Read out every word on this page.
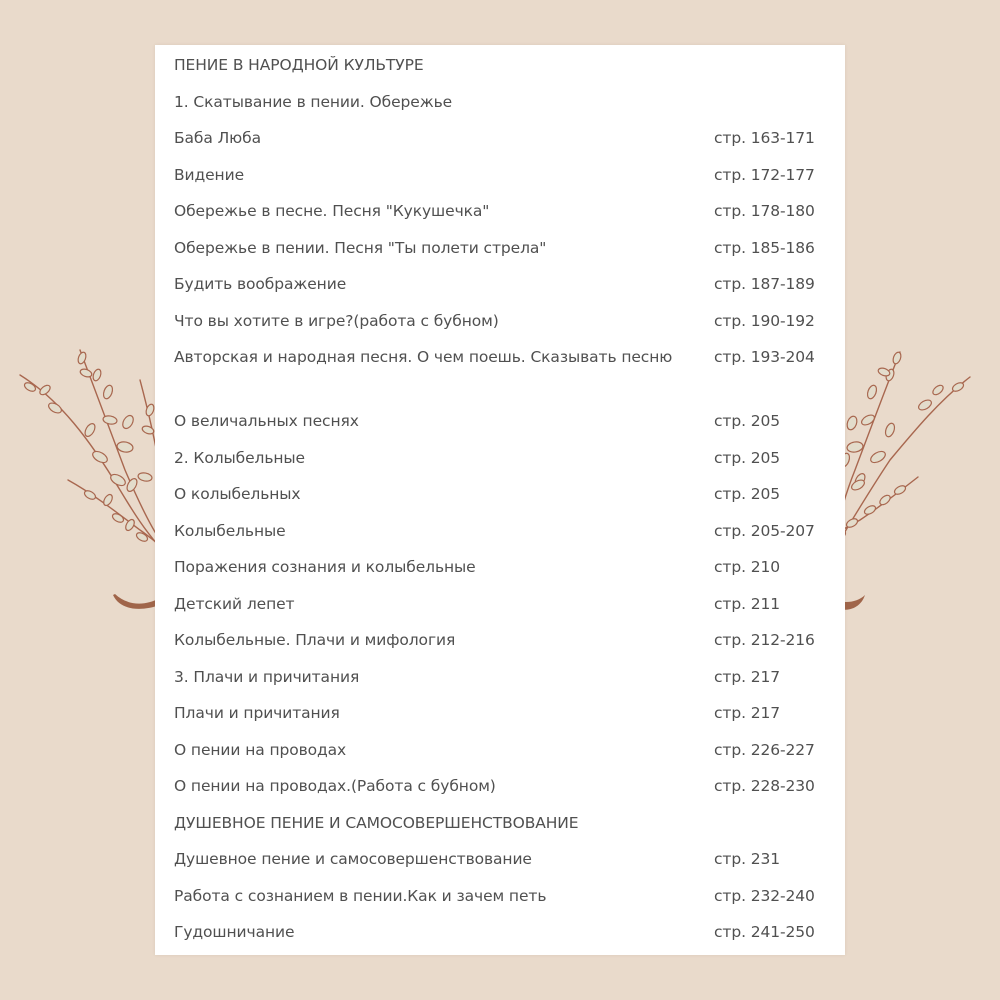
ПЕНИЕ В НАРОДНОЙ КУЛЬТУРЕ
1. Скатывание в пении. Обережье
Баба Люба	стр. 163-171
Видение	стр. 172-177
Обережье в песне. Песня "Кукушечка"	стр. 178-180
Обережье в пении. Песня "Ты полети стрела"	стр. 185-186
Будить воображение	стр. 187-189
Что вы хотите в игре?(работа с бубном)	стр. 190-192
Авторская и народная песня. О чем поешь. Сказывать песню	стр. 193-204
О величальных песнях	стр. 205
2. Колыбельные	стр. 205
О колыбельных	стр. 205
Колыбельные	стр. 205-207
Поражения сознания и колыбельные	стр. 210
Детский лепет	стр. 211
Колыбельные. Плачи и мифология	стр. 212-216
3. Плачи и причитания	стр. 217
Плачи и причитания	стр. 217
О пении на проводах	стр. 226-227
О пении на проводах.(Работа с бубном)	стр. 228-230
ДУШЕВНОЕ ПЕНИЕ И САМОСОВЕРШЕНСТВОВАНИЕ
Душевное пение и самосовершенствование	стр. 231
Работа с сознанием в пении.Как и зачем петь	стр. 232-240
Гудошничание	стр. 241-250
